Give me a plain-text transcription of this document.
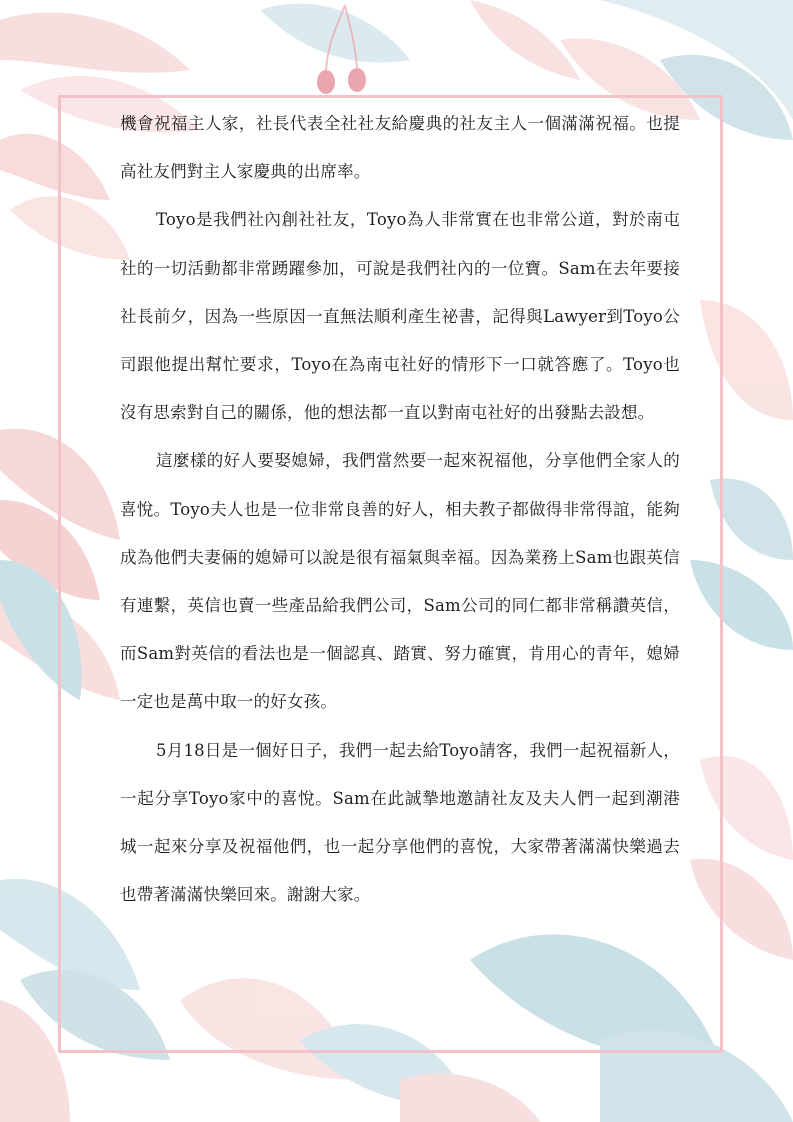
機會祝福主人家，社長代表全社社友給慶典的社友主人一個滿滿祝福。也提高社友們對主人家慶典的出席率。

Toyo是我們社內創社社友，Toyo為人非常實在也非常公道，對於南屯社的一切活動都非常踴躍參加，可說是我們社內的一位寶。Sam在去年要接社長前夕，因為一些原因一直無法順利產生祕書，記得與Lawyer到Toyo公司跟他提出幫忙要求，Toyo在為南屯社好的情形下一口就答應了。Toyo也沒有思索對自己的關係，他的想法都一直以對南屯社好的出發點去設想。

這麼樣的好人要娶媳婦，我們當然要一起來祝福他，分享他們全家人的喜悅。Toyo夫人也是一位非常良善的好人，相夫教子都做得非常得誼，能夠成為他們夫妻倆的媳婦可以說是很有福氣與幸福。因為業務上Sam也跟英信有連繫，英信也賣一些產品給我們公司，Sam公司的同仁都非常稱讚英信，而Sam對英信的看法也是一個認真、踏實、努力確實，肯用心的青年，媳婦一定也是萬中取一的好女孩。

5月18日是一個好日子，我們一起去給Toyo請客，我們一起祝福新人，一起分享Toyo家中的喜悅。Sam在此誠摯地邀請社友及夫人們一起到潮港城一起來分享及祝福他們，也一起分享他們的喜悅，大家帶著滿滿快樂過去也帶著滿滿快樂回來。謝謝大家。
